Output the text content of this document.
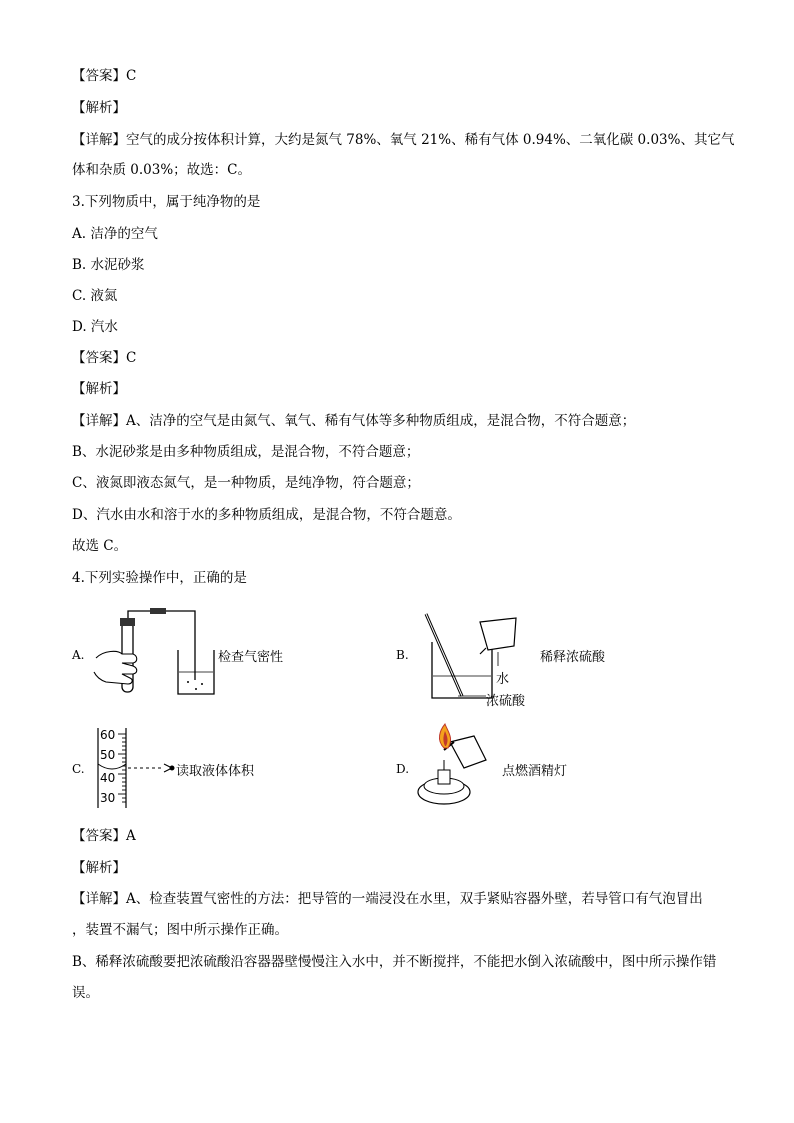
【答案】C
【解析】
【详解】空气的成分按体积计算，大约是氮气 78%、氧气 21%、稀有气体 0.94%、二氧化碳 0.03%、其它气
体和杂质 0.03%；故选：C。
3.下列物质中，属于纯净物的是
A. 洁净的空气
B. 水泥砂浆
C. 液氮
D. 汽水
【答案】C
【解析】
【详解】A、洁净的空气是由氮气、氧气、稀有气体等多种物质组成，是混合物，不符合题意；
B、水泥砂浆是由多种物质组成，是混合物，不符合题意；
C、液氮即液态氮气，是一种物质，是纯净物，符合题意；
D、汽水由水和溶于水的多种物质组成，是混合物，不符合题意。
故选 C。
4.下列实验操作中，正确的是
A.	检查气密性	B.	稀释浓硫酸
水
浓硫酸
C.
60
50
40
30
读取液体体积	D.	点燃酒精灯
【答案】A
【解析】
【详解】A、检查装置气密性的方法：把导管的一端浸没在水里，双手紧贴容器外壁，若导管口有气泡冒出
，装置不漏气；图中所示操作正确。
B、稀释浓硫酸要把浓硫酸沿容器器壁慢慢注入水中，并不断搅拌，不能把水倒入浓硫酸中，图中所示操作错
误。
